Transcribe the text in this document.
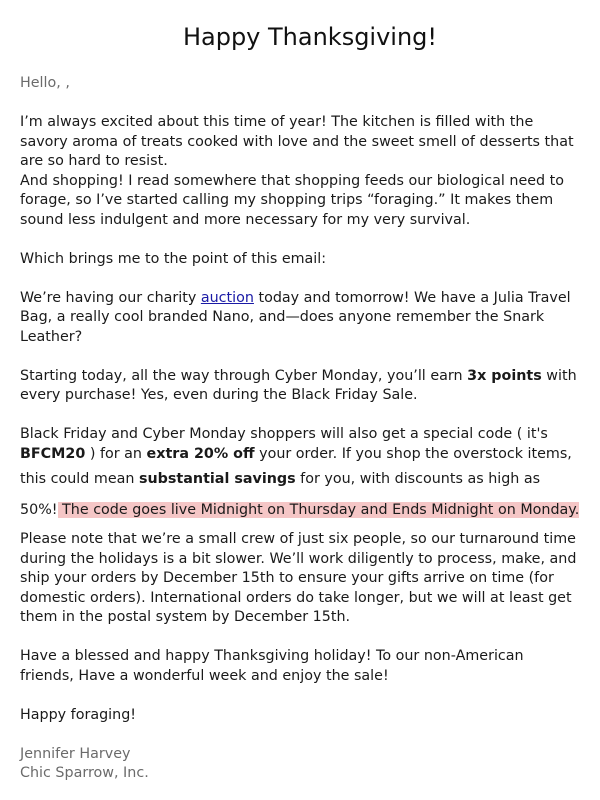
Happy Thanksgiving!

Hello, ,

I’m always excited about this time of year! The kitchen is filled with the savory aroma of treats cooked with love and the sweet smell of desserts that are so hard to resist.

And shopping! I read somewhere that shopping feeds our biological need to forage, so I’ve started calling my shopping trips “foraging.” It makes them sound less indulgent and more necessary for my very survival.

Which brings me to the point of this email:

We’re having our charity auction today and tomorrow! We have a Julia Travel Bag, a really cool branded Nano, and—does anyone remember the Snark Leather?

Starting today, all the way through Cyber Monday, you’ll earn 3x points with every purchase! Yes, even during the Black Friday Sale.

Black Friday and Cyber Monday shoppers will also get a special code ( it's BFCM20 ) for an extra 20% off your order. If you shop the overstock items, this could mean substantial savings for you, with discounts as high as 50%! The code goes live Midnight on Thursday and Ends Midnight on Monday.

Please note that we’re a small crew of just six people, so our turnaround time during the holidays is a bit slower. We’ll work diligently to process, make, and ship your orders by December 15th to ensure your gifts arrive on time (for domestic orders). International orders do take longer, but we will at least get them in the postal system by December 15th.

Have a blessed and happy Thanksgiving holiday! To our non-American friends, Have a wonderful week and enjoy the sale!

Happy foraging!

Jennifer Harvey

Chic Sparrow, Inc.
